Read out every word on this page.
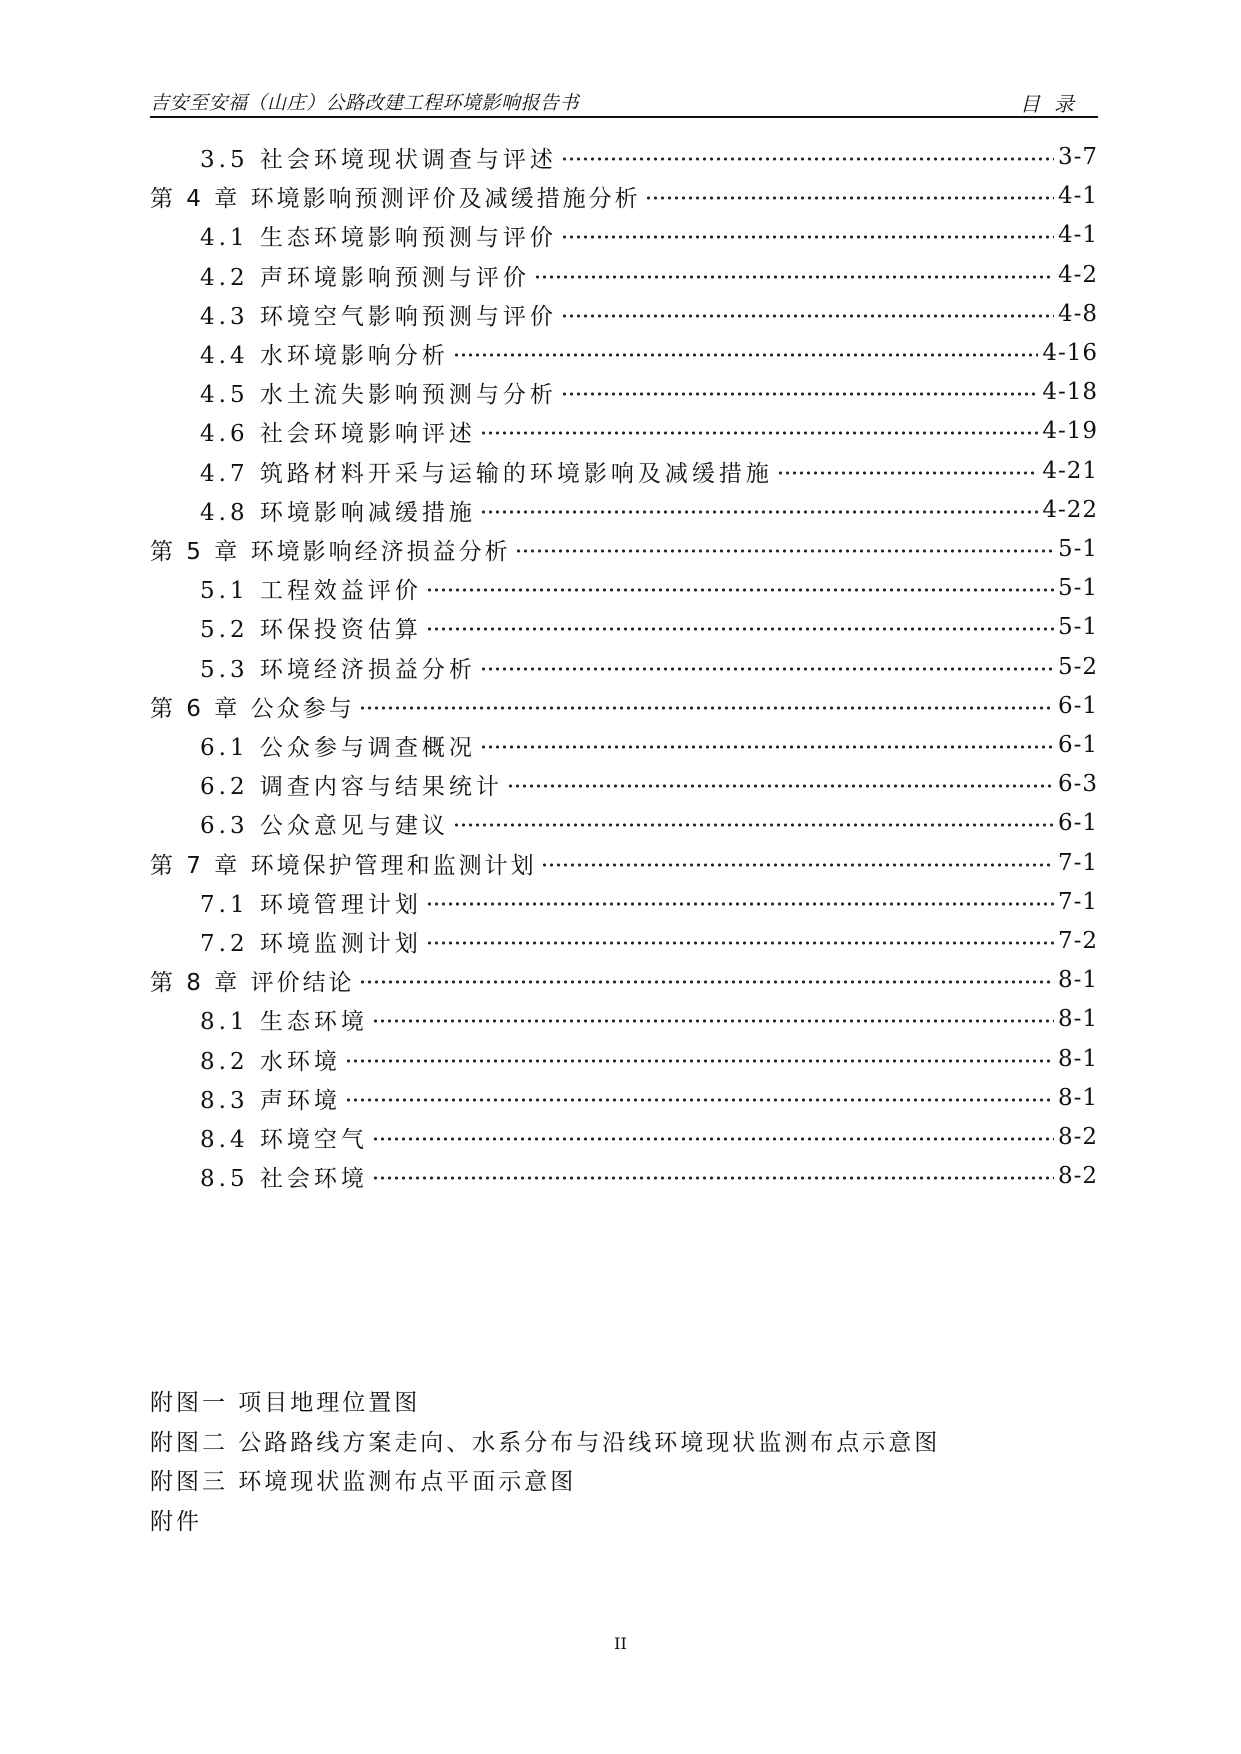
吉安至安福（山庄）公路改建工程环境影响报告书	目录
3.5 社会环境现状调查与评述	3-7
第 4 章 环境影响预测评价及减缓措施分析	4-1
4.1 生态环境影响预测与评价	4-1
4.2 声环境影响预测与评价	4-2
4.3 环境空气影响预测与评价	4-8
4.4 水环境影响分析	4-16
4.5 水土流失影响预测与分析	4-18
4.6 社会环境影响评述	4-19
4.7 筑路材料开采与运输的环境影响及减缓措施	4-21
4.8 环境影响减缓措施	4-22
第 5 章 环境影响经济损益分析	5-1
5.1 工程效益评价	5-1
5.2 环保投资估算	5-1
5.3 环境经济损益分析	5-2
第 6 章 公众参与	6-1
6.1 公众参与调查概况	6-1
6.2 调查内容与结果统计	6-3
6.3 公众意见与建议	6-1
第 7 章 环境保护管理和监测计划	7-1
7.1 环境管理计划	7-1
7.2 环境监测计划	7-2
第 8 章 评价结论	8-1
8.1 生态环境	8-1
8.2 水环境	8-1
8.3 声环境	8-1
8.4 环境空气	8-2
8.5 社会环境	8-2
附图一 项目地理位置图
附图二 公路路线方案走向、水系分布与沿线环境现状监测布点示意图
附图三 环境现状监测布点平面示意图
附件
II
